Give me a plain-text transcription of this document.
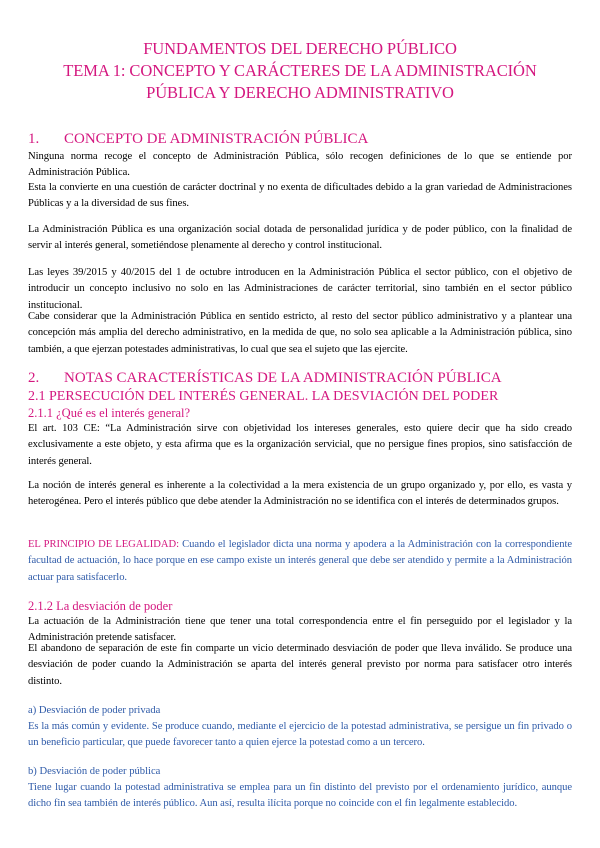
FUNDAMENTOS DEL DERECHO PÚBLICO
TEMA 1: CONCEPTO Y CARÁCTERES DE LA ADMINISTRACIÓN
PÚBLICA Y DERECHO ADMINISTRATIVO
1. CONCEPTO DE ADMINISTRACIÓN PÚBLICA
Ninguna norma recoge el concepto de Administración Pública, sólo recogen definiciones de lo que se entiende por Administración Pública.
Esta la convierte en una cuestión de carácter doctrinal y no exenta de dificultades debido a la gran variedad de Administraciones Públicas y a la diversidad de sus fines.
La Administración Pública es una organización social dotada de personalidad jurídica y de poder público, con la finalidad de servir al interés general, sometiéndose plenamente al derecho y control institucional.
Las leyes 39/2015 y 40/2015 del 1 de octubre introducen en la Administración Pública el sector público, con el objetivo de introducir un concepto inclusivo no solo en las Administraciones de carácter territorial, sino también en el sector público institucional.
Cabe considerar que la Administración Pública en sentido estricto, al resto del sector público administrativo y a plantear una concepción más amplia del derecho administrativo, en la medida de que, no solo sea aplicable a la Administración pública, sino también, a que ejerzan potestades administrativas, lo cual que sea el sujeto que las ejercite.
2. NOTAS CARACTERÍSTICAS DE LA ADMINISTRACIÓN PÚBLICA
2.1 PERSECUCIÓN DEL INTERÉS GENERAL. LA DESVIACIÓN DEL PODER
2.1.1 ¿Qué es el interés general?
El art. 103 CE: “La Administración sirve con objetividad los intereses generales, esto quiere decir que ha sido creado exclusivamente a este objeto, y esta afirma que es la organización servicial, que no persigue fines propios, sino satisfacción de interés general.
La noción de interés general es inherente a la colectividad a la mera existencia de un grupo organizado y, por ello, es vasta y heterogénea. Pero el interés público que debe atender la Administración no se identifica con el interés de determinados grupos.
EL PRINCIPIO DE LEGALIDAD: Cuando el legislador dicta una norma y apodera a la Administración con la correspondiente facultad de actuación, lo hace porque en ese campo existe un interés general que debe ser atendido y permite a la Administración actuar para satisfacerlo.
2.1.2 La desviación de poder
La actuación de la Administración tiene que tener una total correspondencia entre el fin perseguido por el legislador y la Administración pretende satisfacer.
El abandono de separación de este fin comparte un vicio determinado desviación de poder que lleva inválido. Se produce una desviación de poder cuando la Administración se aparta del interés general previsto por norma para satisfacer otro interés distinto.
a) Desviación de poder privada
Es la más común y evidente. Se produce cuando, mediante el ejercicio de la potestad administrativa, se persigue un fin privado o un beneficio particular, que puede favorecer tanto a quien ejerce la potestad como a un tercero.
b) Desviación de poder pública
Tiene lugar cuando la potestad administrativa se emplea para un fin distinto del previsto por el ordenamiento jurídico, aunque dicho fin sea también de interés público. Aun así, resulta ilícita porque no coincide con el fin legalmente establecido.
